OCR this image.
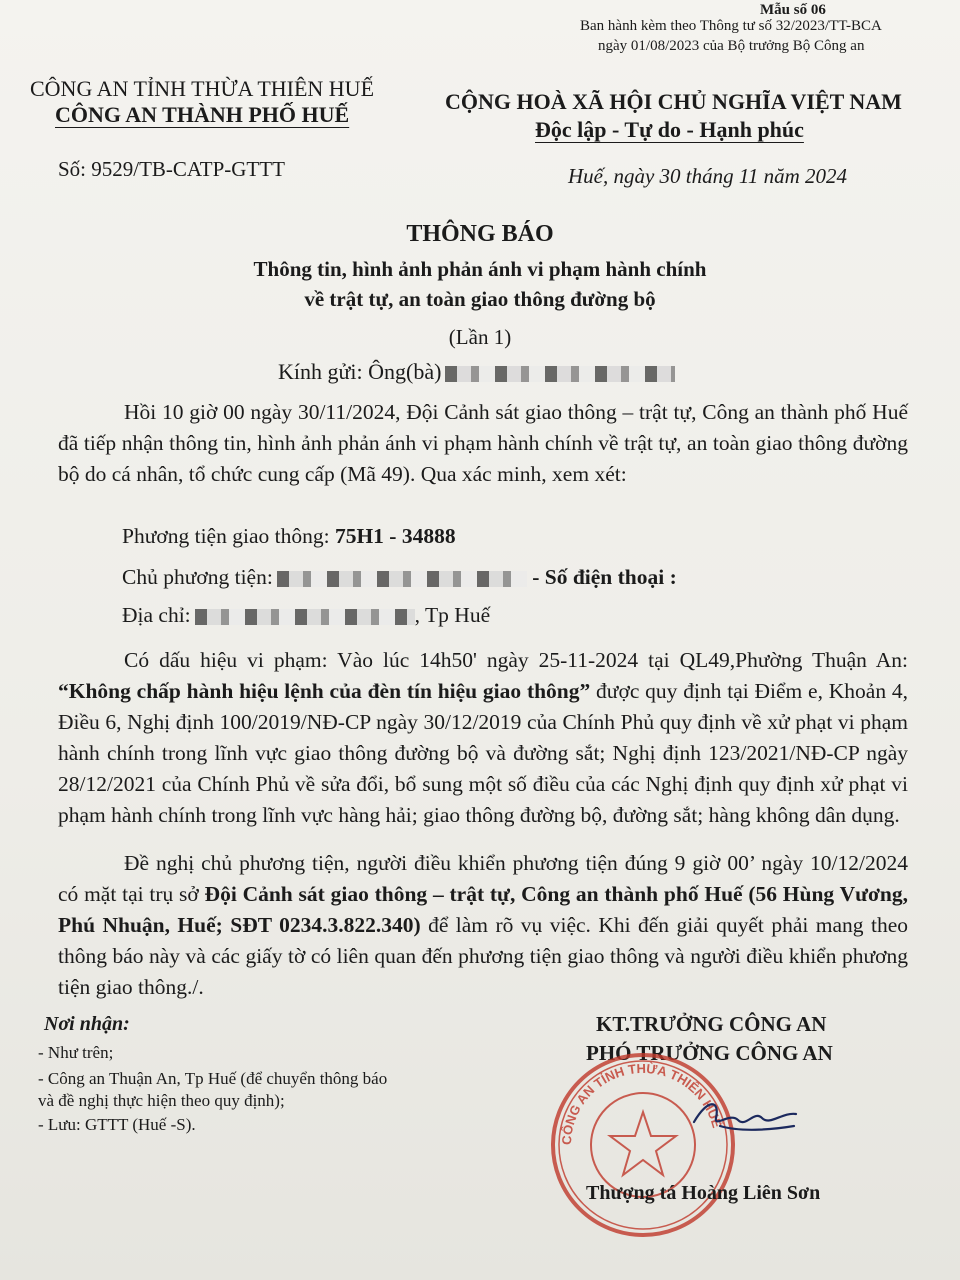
Mẫu số 06
Ban hành kèm theo Thông tư số 32/2023/TT-BCA
ngày 01/08/2023 của Bộ trưởng Bộ Công an
CÔNG AN TỈNH THỪA THIÊN HUẾ
CÔNG AN THÀNH PHỐ HUẾ
Số: 9529/TB-CATP-GTTT
CỘNG HOÀ XÃ HỘI CHỦ NGHĨA VIỆT NAM
Độc lập - Tự do - Hạnh phúc
Huế, ngày 30 tháng 11 năm 2024
THÔNG BÁO
Thông tin, hình ảnh phản ánh vi phạm hành chính
về trật tự, an toàn giao thông đường bộ
(Lần 1)
Kính gửi: Ông(bà)
Hồi 10 giờ 00 ngày 30/11/2024, Đội Cảnh sát giao thông – trật tự, Công an thành phố Huế đã tiếp nhận thông tin, hình ảnh phản ánh vi phạm hành chính về trật tự, an toàn giao thông đường bộ do cá nhân, tổ chức cung cấp (Mã 49). Qua xác minh, xem xét:
Phương tiện giao thông: 75H1 - 34888
Chủ phương tiện:	- Số điện thoại :
Địa chỉ:	, Tp Huế
Có dấu hiệu vi phạm: Vào lúc 14h50' ngày 25-11-2024 tại QL49,Phường Thuận An: “Không chấp hành hiệu lệnh của đèn tín hiệu giao thông” được quy định tại Điểm e, Khoản 4, Điều 6, Nghị định 100/2019/NĐ-CP ngày 30/12/2019 của Chính Phủ quy định về xử phạt vi phạm hành chính trong lĩnh vực giao thông đường bộ và đường sắt; Nghị định 123/2021/NĐ-CP ngày 28/12/2021 của Chính Phủ về sửa đổi, bổ sung một số điều của các Nghị định quy định xử phạt vi phạm hành chính trong lĩnh vực hàng hải; giao thông đường bộ, đường sắt; hàng không dân dụng.
Đề nghị chủ phương tiện, người điều khiển phương tiện đúng 9 giờ 00’ ngày 10/12/2024 có mặt tại trụ sở Đội Cảnh sát giao thông – trật tự, Công an thành phố Huế (56 Hùng Vương, Phú Nhuận, Huế; SĐT 0234.3.822.340) để làm rõ vụ việc. Khi đến giải quyết phải mang theo thông báo này và các giấy tờ có liên quan đến phương tiện giao thông và người điều khiển phương tiện giao thông./.
Nơi nhận:
- Như trên;
- Công an Thuận An, Tp Huế (để chuyển thông báo
và đề nghị thực hiện theo quy định);
- Lưu: GTTT (Huế -S).
KT.TRƯỞNG CÔNG AN
PHÓ TRƯỞNG CÔNG AN
CÔNG AN TỈNH THỪA THIÊN HUẾ
Thượng tá Hoàng Liên Sơn
